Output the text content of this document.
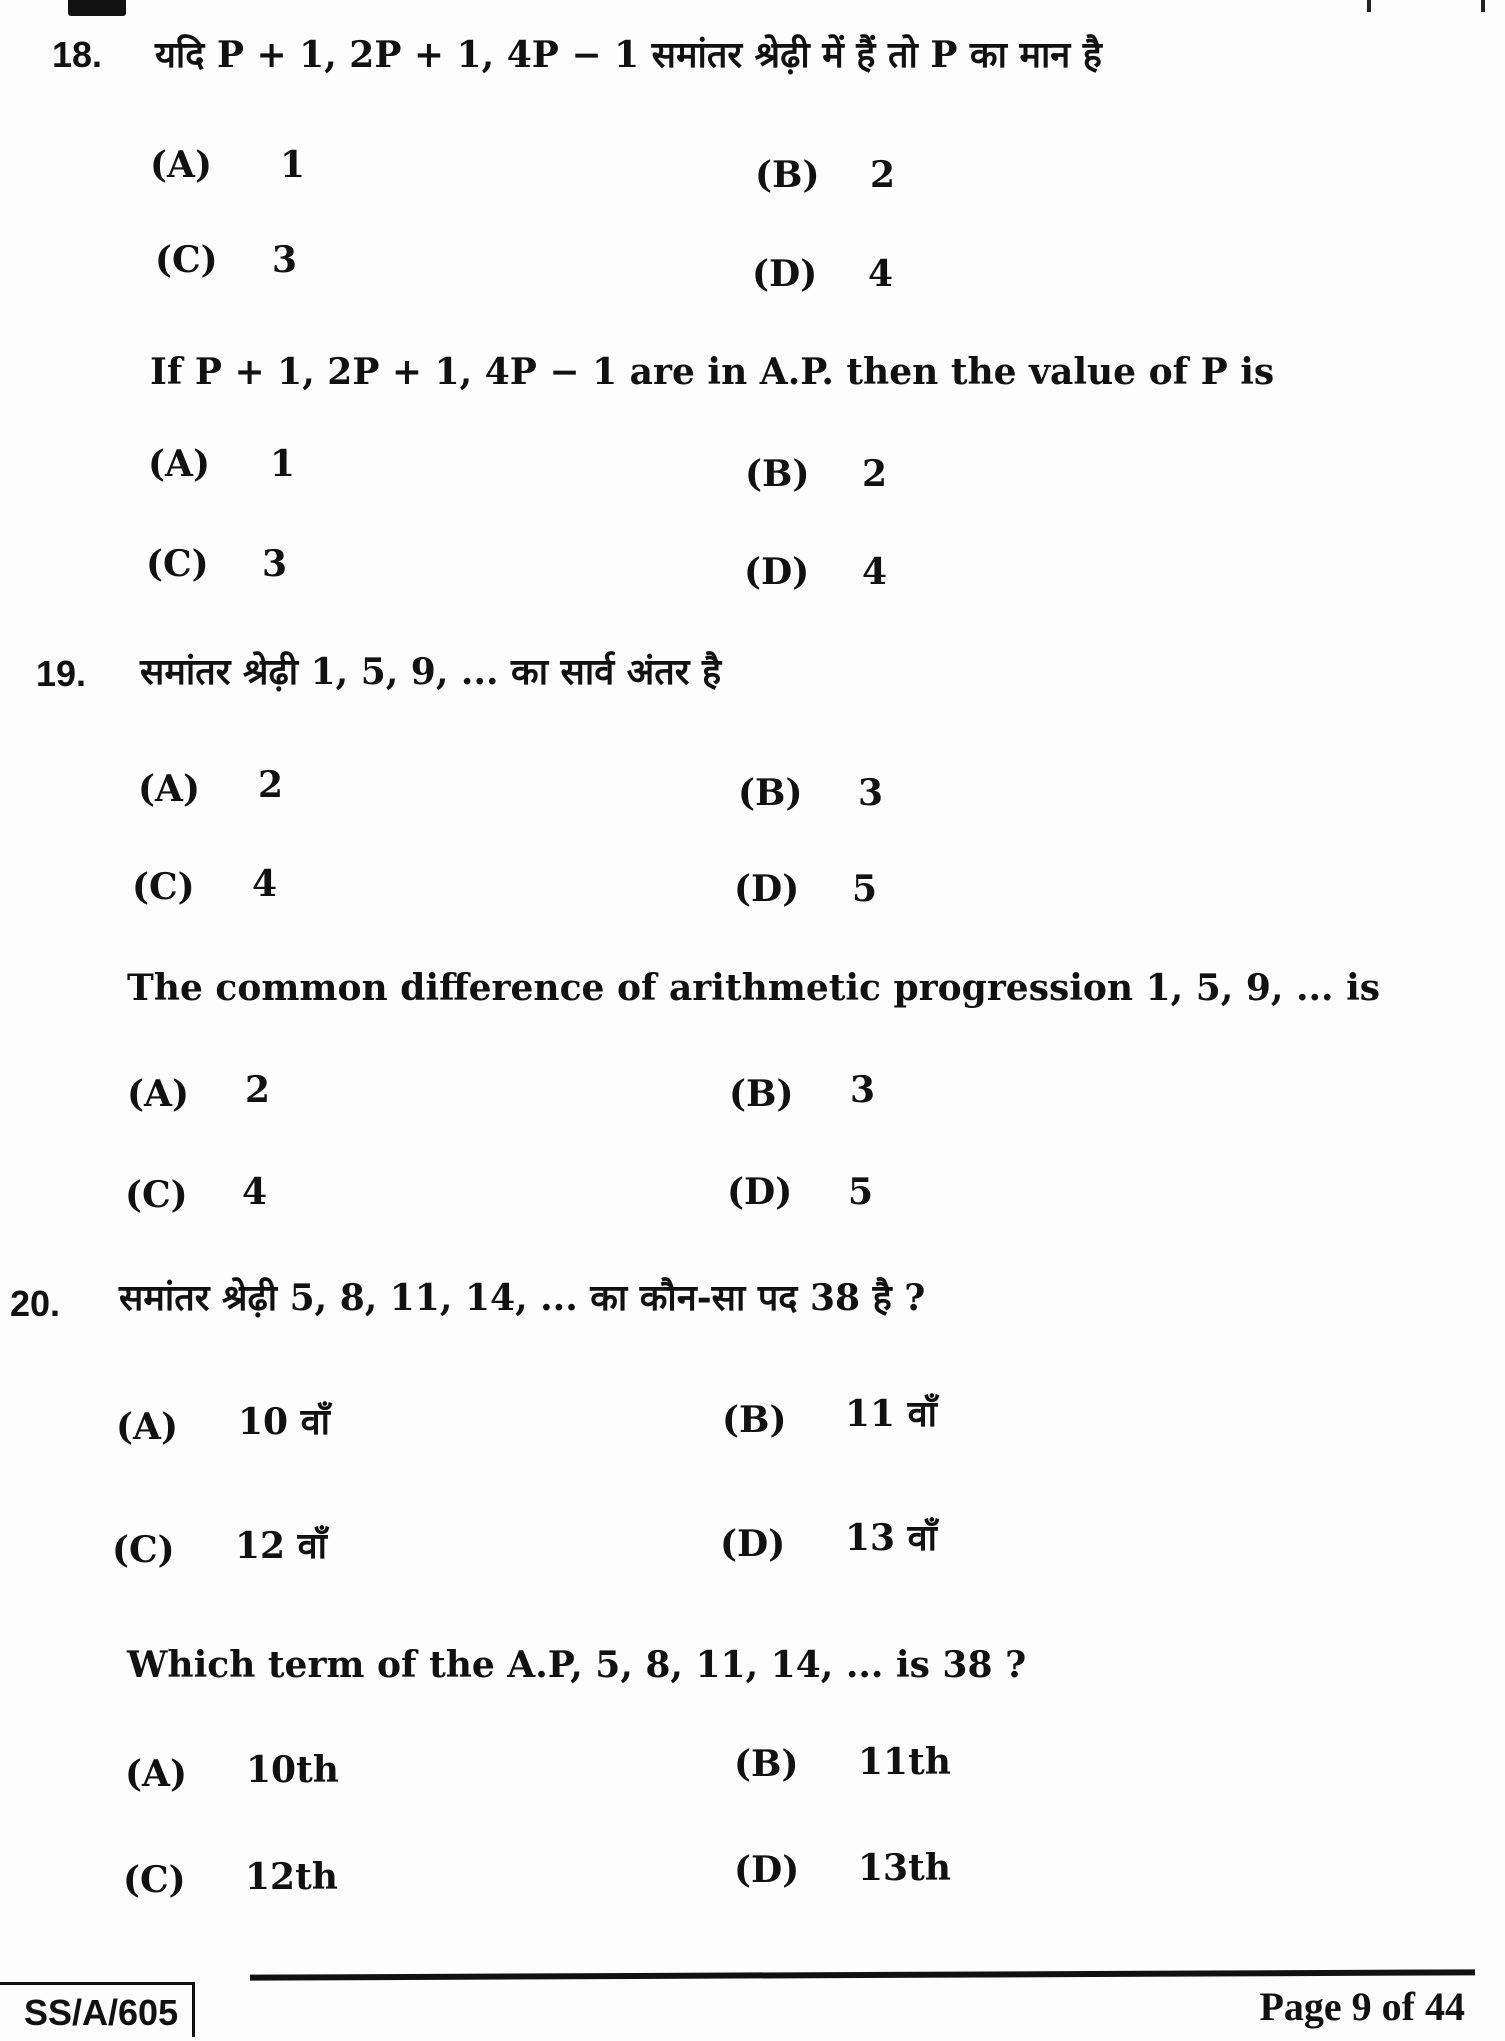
18. यदि P + 1, 2P + 1, 4P − 1 समांतर श्रेढ़ी में हैं तो P का मान है
(A) 1	(B) 2
(C) 3	(D) 4
If P + 1, 2P + 1, 4P − 1 are in A.P. then the value of P is
(A) 1	(B) 2
(C) 3	(D) 4
19. समांतर श्रेढ़ी 1, 5, 9, ... का सार्व अंतर है
(A) 2	(B) 3
(C) 4	(D) 5
The common difference of arithmetic progression 1, 5, 9, ... is
(A) 2	(B) 3
(C) 4	(D) 5
20. समांतर श्रेढ़ी 5, 8, 11, 14, ... का कौन-सा पद 38 है ?
(A) 10 वाँ	(B) 11 वाँ
(C) 12 वाँ	(D) 13 वाँ
Which term of the A.P, 5, 8, 11, 14, ... is 38 ?
(A) 10th	(B) 11th
(C) 12th	(D) 13th
SS/A/605	Page 9 of 44
